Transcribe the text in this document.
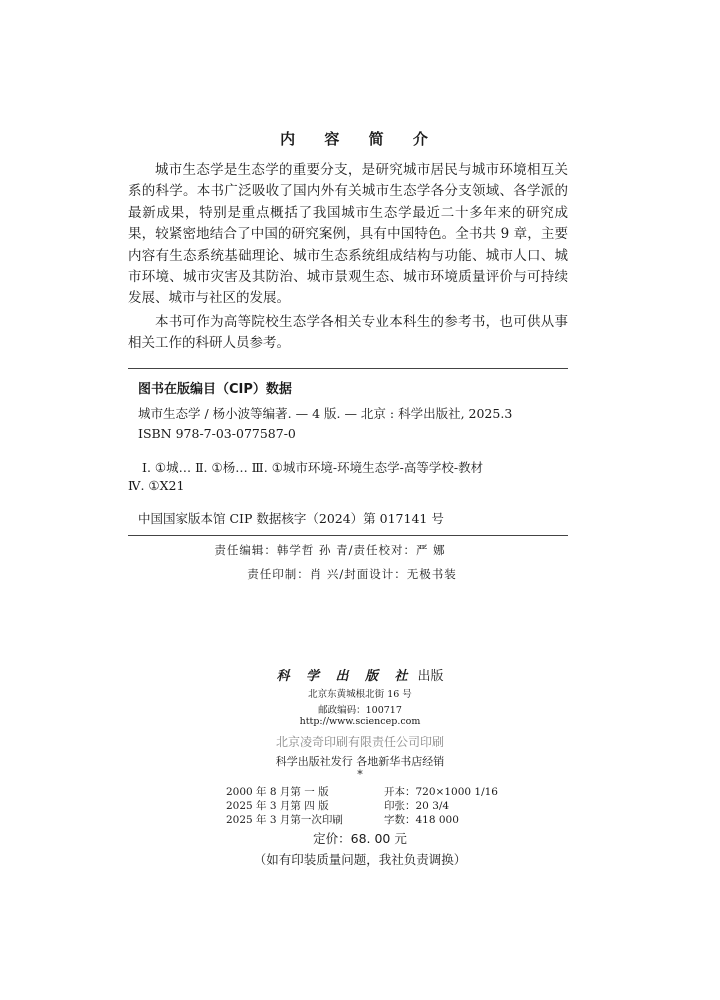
内 容 简 介

城市生态学是生态学的重要分支，是研究城市居民与城市环境相互关系的科学。本书广泛吸收了国内外有关城市生态学各分支领域、各学派的最新成果，特别是重点概括了我国城市生态学最近二十多年来的研究成果，较紧密地结合了中国的研究案例，具有中国特色。全书共 9 章，主要内容有生态系统基础理论、城市生态系统组成结构与功能、城市人口、城市环境、城市灾害及其防治、城市景观生态、城市环境质量评价与可持续发展、城市与社区的发展。

本书可作为高等院校生态学各相关专业本科生的参考书，也可供从事相关工作的科研人员参考。

图书在版编目（CIP）数据
城市生态学 / 杨小波等编著. — 4 版. — 北京 : 科学出版社, 2025.3
ISBN 978-7-03-077587-0
Ⅰ. ①城… Ⅱ. ①杨… Ⅲ. ①城市环境-环境生态学-高等学校-教材
Ⅳ. ①X21
中国国家版本馆 CIP 数据核字（2024）第 017141 号
责任编辑：韩学哲 孙 青/责任校对：严 娜
责任印制：肖 兴/封面设计：无极书装
科 学 出 版 社 出版
北京东黄城根北街 16 号
邮政编码：100717
http://www.sciencep.com
北京凌奇印刷有限责任公司印刷
科学出版社发行 各地新华书店经销
*
2000 年 8 月第 一 版	开本：720×1000 1/16
2025 年 3 月第 四 版	印张：20 3/4
2025 年 3 月第一次印刷	字数：418 000
定价：68. 00 元
（如有印装质量问题，我社负责调换）
